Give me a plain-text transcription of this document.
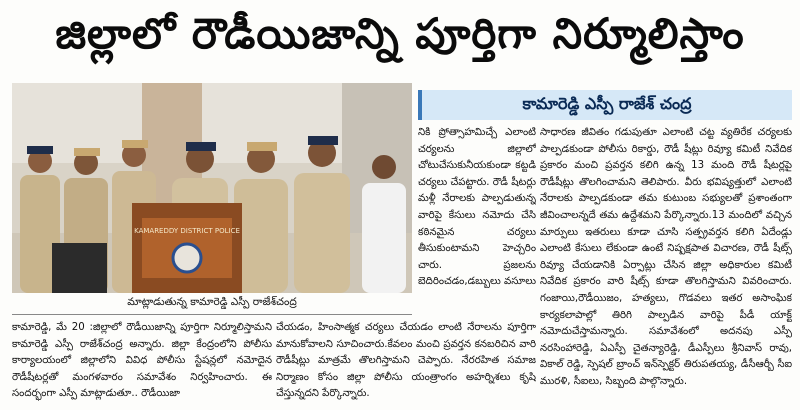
జిల్లాలో రౌడీయిజాన్ని పూర్తిగా నిర్మూలిస్తాం
KAMAREDDY DISTRICT POLICE
మాట్లాడుతున్న కామారెడ్డి ఎస్పీ రాజేశ్‌చంద్ర
కామారెడ్డి ఎస్పీ రాజేశ్ చంద్ర

నికి ప్రోత్సాహమిచ్చే ఎలాంటి చర్యలను జిల్లాలో చోటుచేసుకునీయకుండా కట్టడి చర్యలు చేపట్టారు. రౌడీ షీటర్లు మళ్లీ నేరాలకు పాల్పడుతున్న వారిపై కేసులు నమోదు చేసి కఠినమైన చర్యలు తీసుకుంటామని హెచ్చరిం చారు. ప్రజలను బెదిరించడం,డబ్బులు వసూలు

సాధారణ జీవితం గడుపుతూ ఎలాంటి చట్ట వ్యతిరేక చర్యలకు పాల్పడకుండా పోలీసు రికార్డు, రౌడీ షీట్లు రివ్యూ కమిటీ నివేదిక ప్రకారం మంచి ప్రవర్తన కలిగి ఉన్న 13 మంది రౌడీ షీటర్లపై రౌడీషీట్లు తొలగించామని తెలిపారు. వీరు భవిష్యత్తులో ఎలాంటి నేరాలకు పాల్పడకుండా తమ కుటుంబ సభ్యులతో ప్రశాంతంగా జీవించాలన్నదే తమ ఉద్దేశమని పేర్కొన్నారు.13 మందిలో వచ్చిన మార్పులు ఇతరులు కూడా చూసి సత్ప్రవర్తన కలిగి ఏదేండ్లు ఎలాంటి కేసులు లేకుండా ఉంటే నిష్పక్షపాత విచారణ, రౌడీ షీట్స్ రివ్యూ చేయడానికి ఏర్పాట్లు చేసిన జిల్లా అధికారుల కమిటీ నివేదిక ప్రకారం వారి షీట్స్ కూడా తొలగిస్తామని వివరించారు. గంజాయి,రౌడీయిజం, హత్యలు, గొడవలు ఇతర అసాంఘిక కార్యకలాపాల్లో తిరిగి పాల్పడిన వారిపై పీడీ యాక్ట్ నమోదుచేస్తామన్నారు. సమావేశంలో అదనపు ఎస్పీ నరసింహారెడ్డి, ఏఎస్పీ చైతన్యారెడ్డి, డీఎస్పీలు శ్రీనివాస్ రావు, వికాల్ రెడ్డి, స్పెషల్ బ్రాంచ్ ఇన్‌స్పెక్టర్ తిరుపతయ్య, డీసీఆర్బీ సీఐ మురళి, సీఐలు, సిబ్బంది పాల్గొన్నారు.

కామారెడ్డి, మే 20 :జిల్లాలో రౌడీయిజాన్ని పూర్తిగా నిర్మూలిస్తామని కామారెడ్డి ఎస్పీ రాజేశ్‌చంద్ర అన్నారు. జిల్లా కేంద్రంలోని పోలీసు కార్యాలయంలో జిల్లాలోని వివిధ పోలీసు స్టేషన్లలో నమోదైన రౌడీషీటర్లతో మంగళవారం సమావేశం నిర్వహించారు. ఈ సందర్భంగా ఎస్పీ మాట్లాడుతూ.. రౌడీయిజా

చేయడం, హింసాత్మక చర్యలు చేయడం లాంటి నేరాలను పూర్తిగా మానుకోవాలని సూచించారు.కేవలం మంచి ప్రవర్తన కనబరిచిన వారి రౌడీషీట్లు మాత్రమే తొలగిస్తామని చెప్పారు. నేరరహిత సమాజ నిర్మాణం కోసం జిల్లా పోలీసు యంత్రాంగం అహర్నిశలు కృషి చేస్తున్నదని పేర్కొన్నారు.
